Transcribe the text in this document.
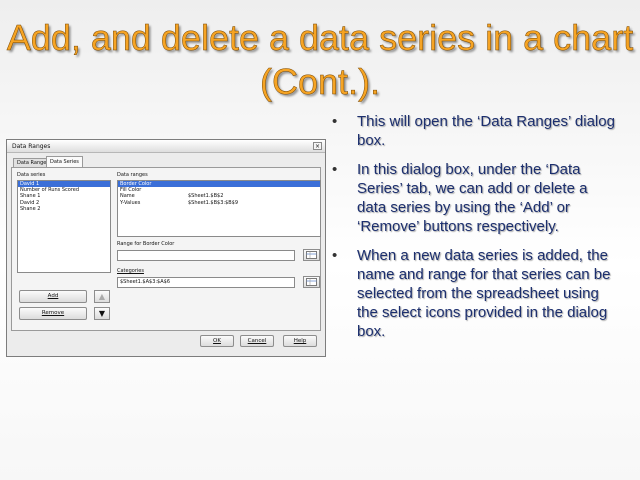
Add, and delete a data series in a chart (Cont.).
• This will open the ‘Data Ranges’ dialog box.
• In this dialog box, under the ‘Data Series’ tab, we can add or delete a data series by using the ‘Add’ or ‘Remove’ buttons respectively.
• When a new data series is added, the name and range for that series can be selected from the spreadsheet using the select icons provided in the dialog box.
Data Ranges	×
Data Range Data Series
Data series
David 1
Number of Runs Scored
Shane 1
David 2
Shane 2
Data ranges
Border Color
Fill Color
Name	$Sheet1.$B$2
Y-Values	$Sheet1.$B$3:$B$9
Range for Border Color
Categories
$Sheet1.$A$3:$A$6
Add
Remove
▲
▼
OK	Cancel	Help
